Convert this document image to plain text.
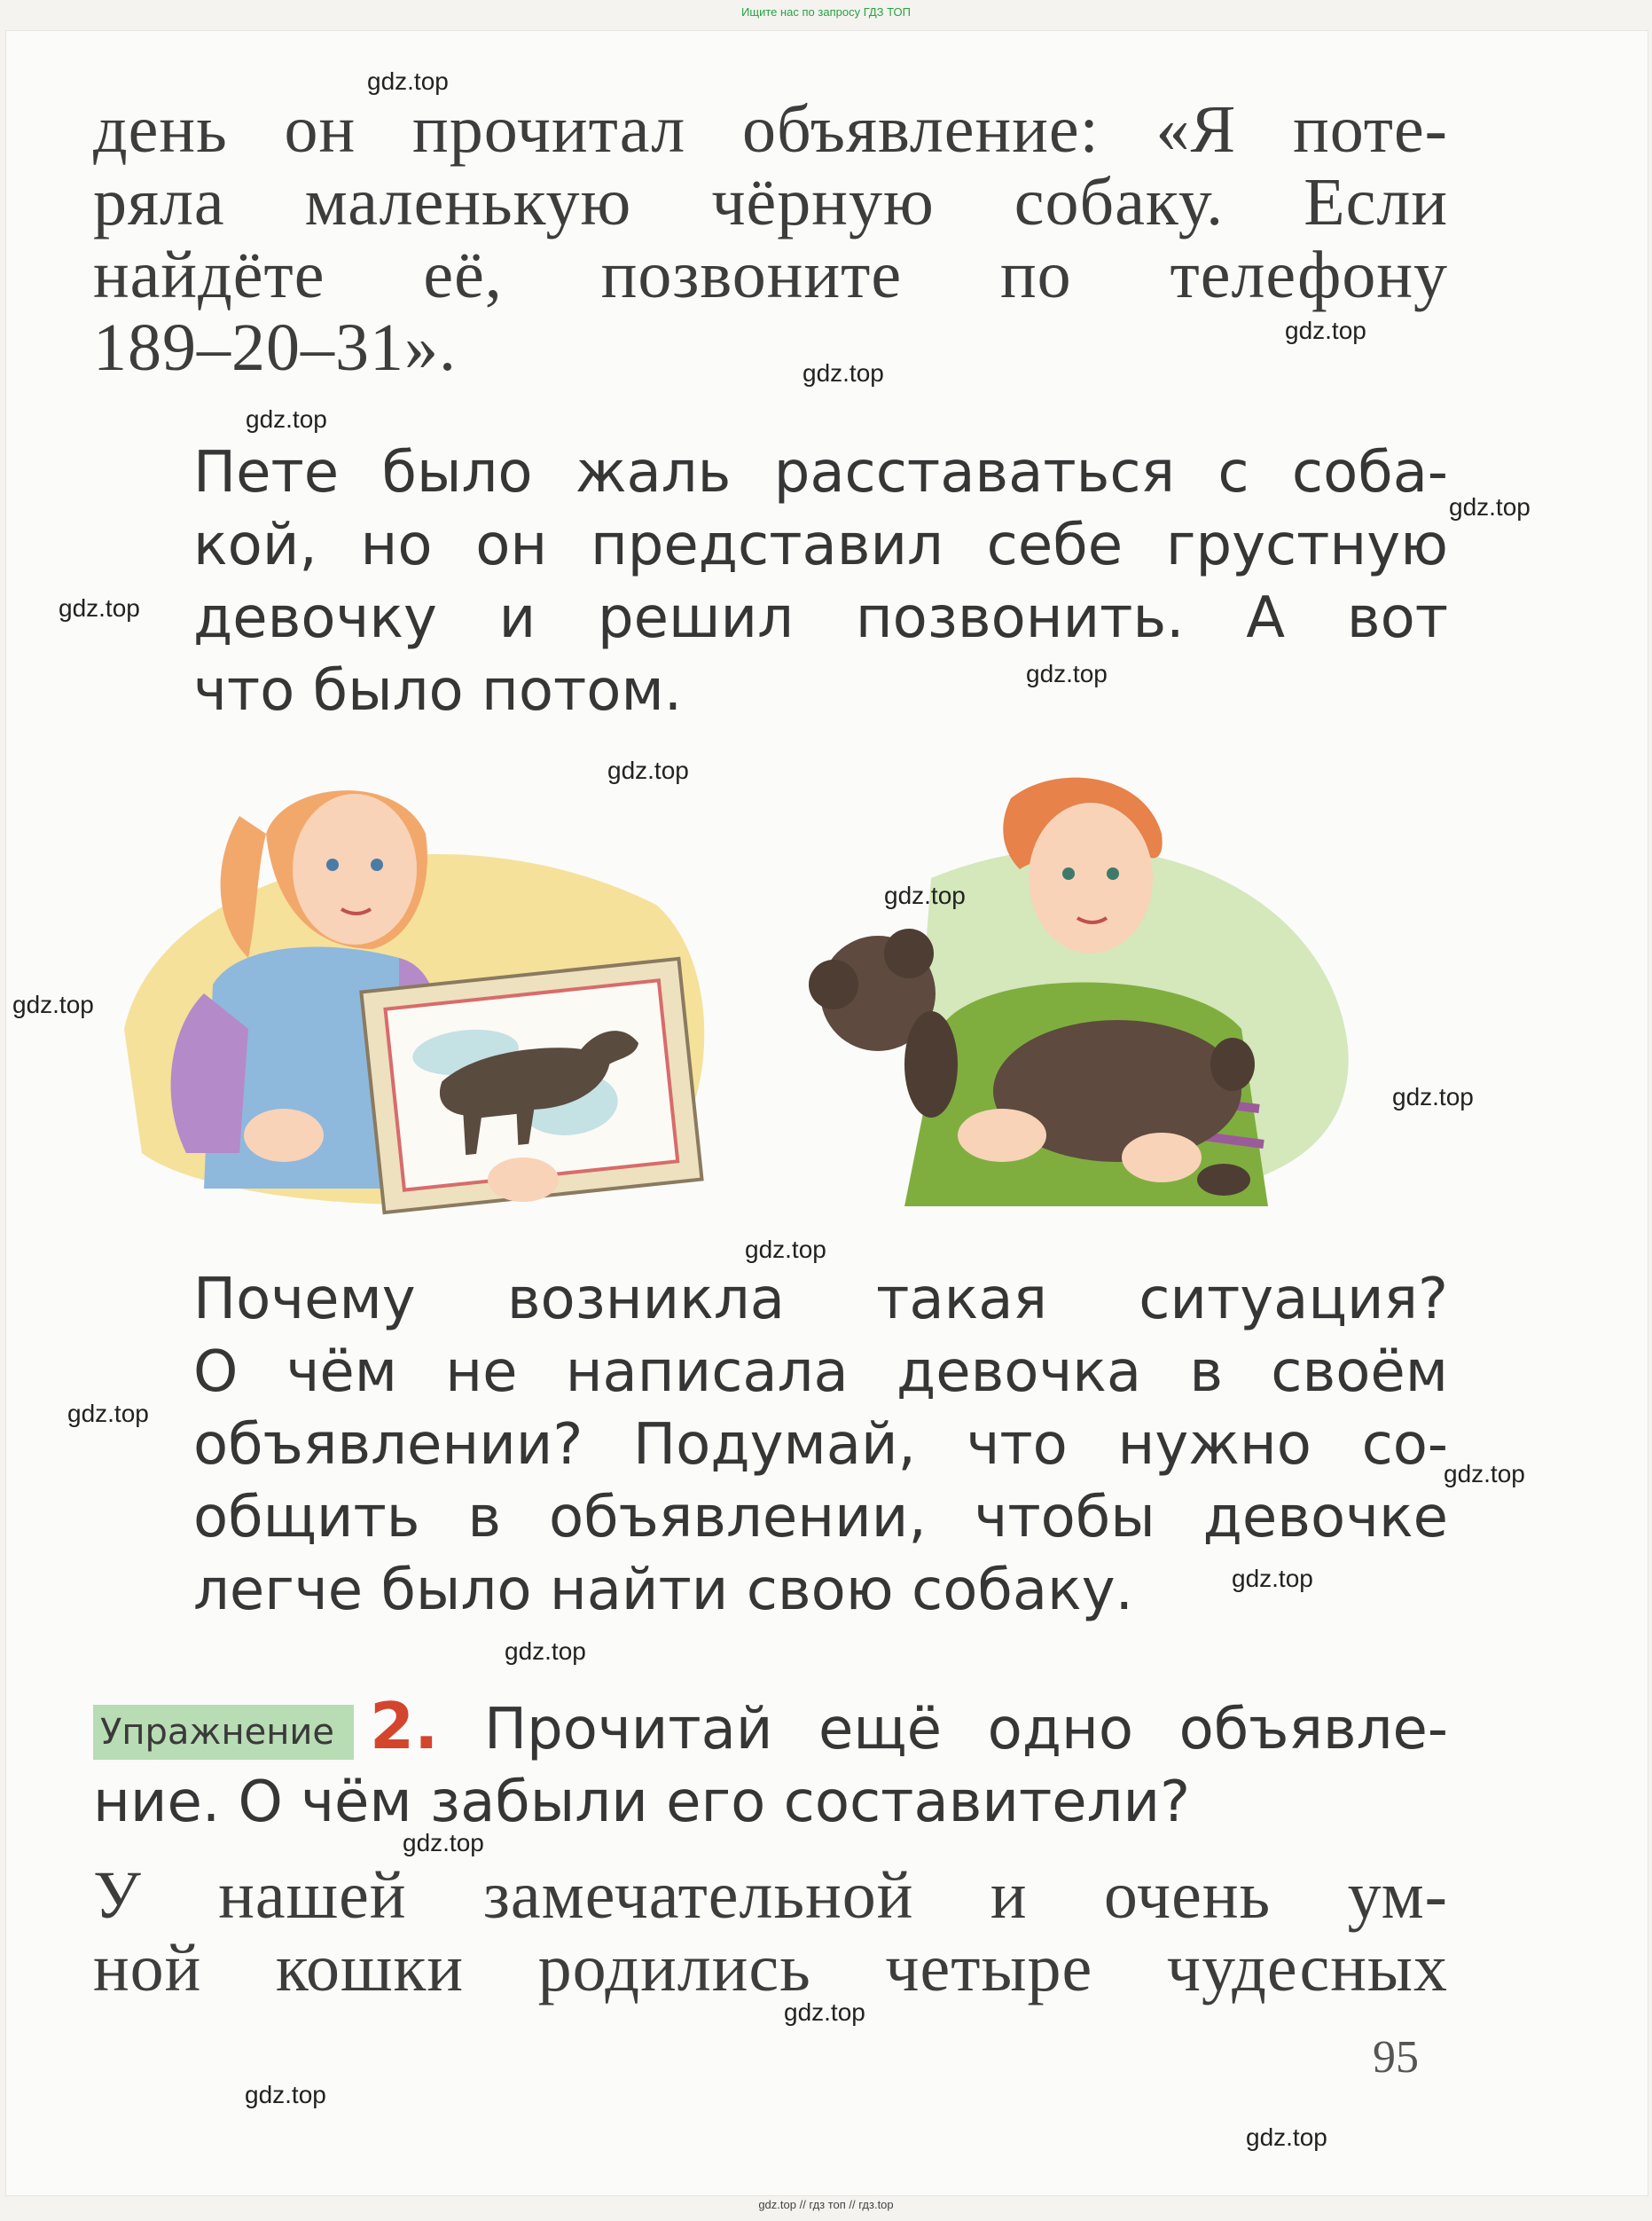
Ищите нас по запросу ГДЗ ТОП
день он прочитал объявление: «Я поте-
ряла маленькую чёрную собаку. Если
найдёте её, позвоните по телефону
189–20–31».
Пете было жаль расставаться с соба-
кой, но он представил себе грустную
девочку и решил позвонить. А вот
что было потом.
Почему возникла такая ситуация?
О чём не написала девочка в своём
объявлении? Подумай, что нужно со-
общить в объявлении, чтобы девочке
легче было найти свою собаку.
Упражнение 2. Прочитай ещё одно объявле-
ние. О чём забыли его составители?
У нашей замечательной и очень ум-
ной кошки родились четыре чудесных
95
gdz.top
gdz.top
gdz.top
gdz.top
gdz.top
gdz.top
gdz.top
gdz.top
gdz.top
gdz.top
gdz.top
gdz.top
gdz.top
gdz.top
gdz.top
gdz.top
gdz.top
gdz.top
gdz.top
gdz.top
gdz.top // гдз топ // гдз.top
